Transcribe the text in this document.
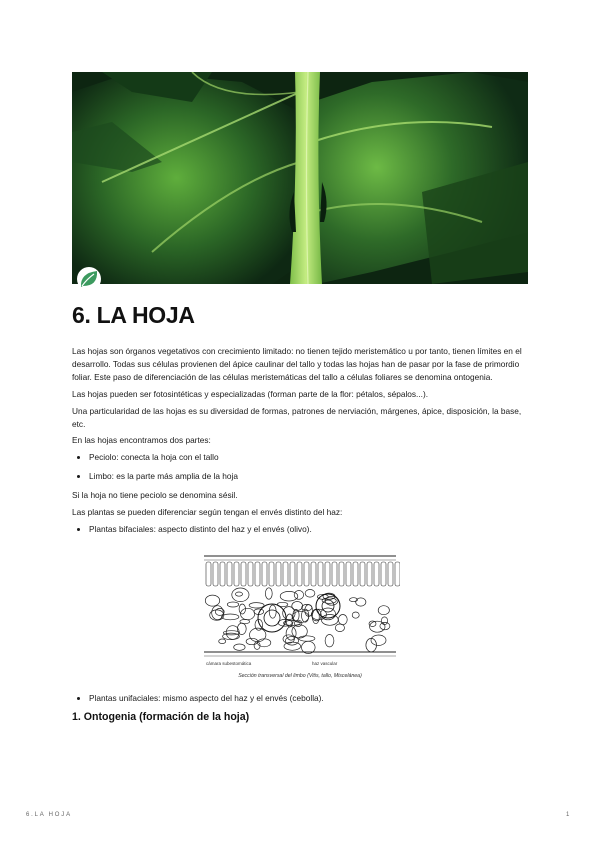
6. LA HOJA

Las hojas son órganos vegetativos con crecimiento limitado: no tienen tejido meristemático u por tanto, tienen límites en el desarrollo. Todas sus células provienen del ápice caulinar del tallo y todas las hojas han de pasar por la fase de primordio foliar. Este paso de diferenciación de las células meristemáticas del tallo a células foliares se denomina ontogenia.

Las hojas pueden ser fotosintéticas y especializadas (forman parte de la flor: pétalos, sépalos...).

Una particularidad de las hojas es su diversidad de formas, patrones de nerviación, márgenes, ápice, disposición, la base, etc.

En las hojas encontramos dos partes:

• Peciolo: conecta la hoja con el tallo
• Limbo: es la parte más amplia de la hoja

Si la hoja no tiene peciolo se denomina sésil.

Las plantas se pueden diferenciar según tengan el envés distinto del haz:

• Plantas bifaciales: aspecto distinto del haz y el envés (olivo).
cámara subestomática	haz vascular
Sección transversal del limbo (Vitis, tallo, Miscelánea)
• Plantas unifaciales: mismo aspecto del haz y el envés (cebolla).
1. Ontogenia (formación de la hoja)
6.LA HOJA	1
